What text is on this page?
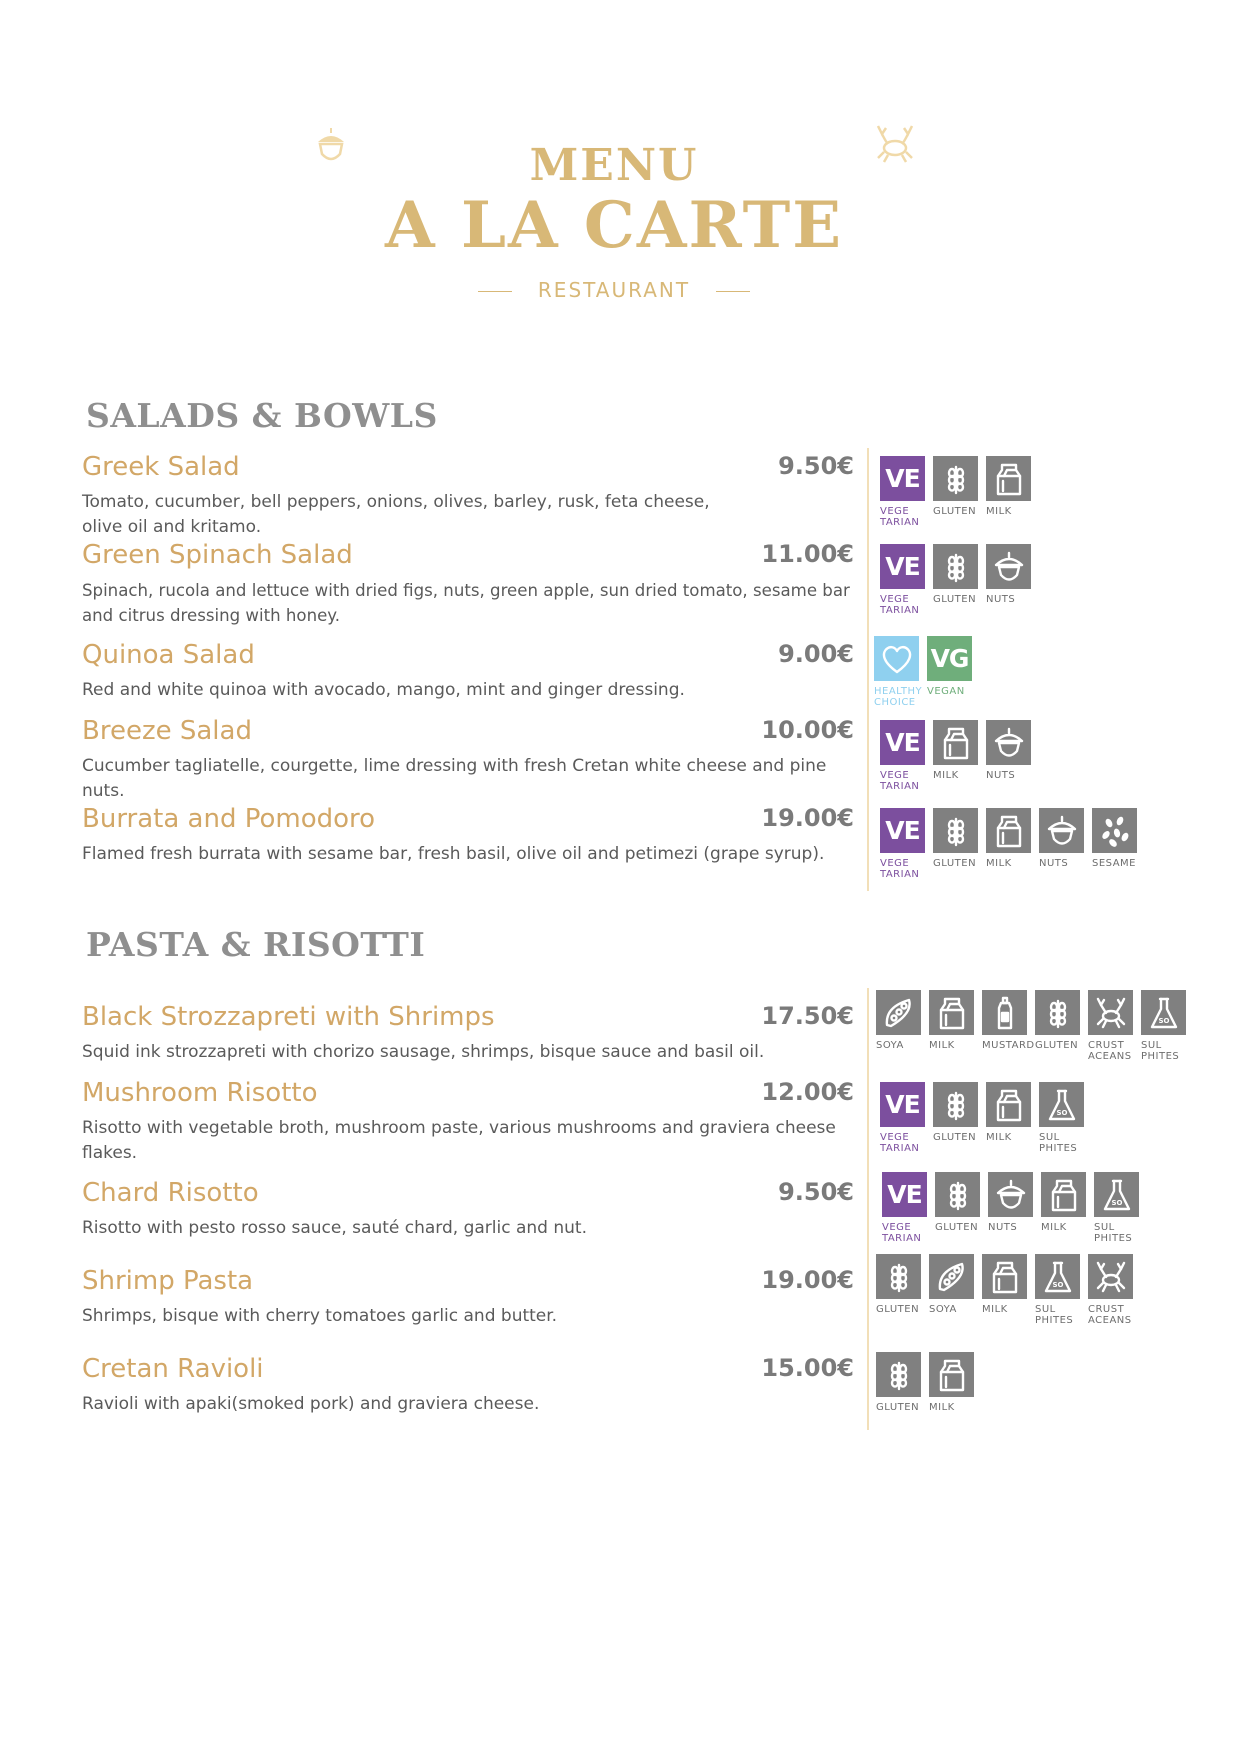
MENU
A LA CARTE
RESTAURANT
SALADS & BOWLS
Greek Salad	9.50€

Tomato, cucumber, bell peppers, onions, olives, barley, rusk, feta cheese, olive oil and kritamo.

VE
VEGE
TARIAN
GLUTEN MILK
Green Spinach Salad	11.00€

Spinach, rucola and lettuce with dried figs, nuts, green apple, sun dried tomato, sesame bar and citrus dressing with honey.

VE
VEGE
TARIAN
GLUTEN NUTS
Quinoa Salad	9.00€

Red and white quinoa with avocado, mango, mint and ginger dressing.	HEALTHY
CHOICE
VG
VEGAN
Breeze Salad	10.00€

Cucumber tagliatelle, courgette, lime dressing with fresh Cretan white cheese and pine nuts.

VE
VEGE
TARIAN
MILK	NUTS
Burrata and Pomodoro	19.00€

Flamed fresh burrata with sesame bar, fresh basil, olive oil and petimezi (grape syrup).

VE
VEGE
TARIAN
GLUTEN MILK	NUTS SESAME
PASTA & RISOTTI
Black Strozzapreti with Shrimps	17.50€

Squid ink strozzapreti with chorizo sausage, shrimps, bisque sauce and basil oil.	SOYA	MILK	MUSTARD GLUTEN CRUST
ACEANS
SO
SUL
PHITES
Mushroom Risotto	12.00€

Risotto with vegetable broth, mushroom paste, various mushrooms and graviera cheese flakes.

VE
VEGE
TARIAN
GLUTEN MILK
SO
SUL
PHITES
Chard Risotto	9.50€

Risotto with pesto rosso sauce, sauté chard, garlic and nut.

VE
VEGE
TARIAN
GLUTEN NUTS MILK
SO
SUL
PHITES
Shrimp Pasta	19.00€

Shrimps, bisque with cherry tomatoes garlic and butter.	GLUTEN SOYA	MILK
SO
SUL
PHITES
CRUST
ACEANS
Cretan Ravioli	15.00€

Ravioli with apaki(smoked pork) and graviera cheese.	GLUTEN MILK
